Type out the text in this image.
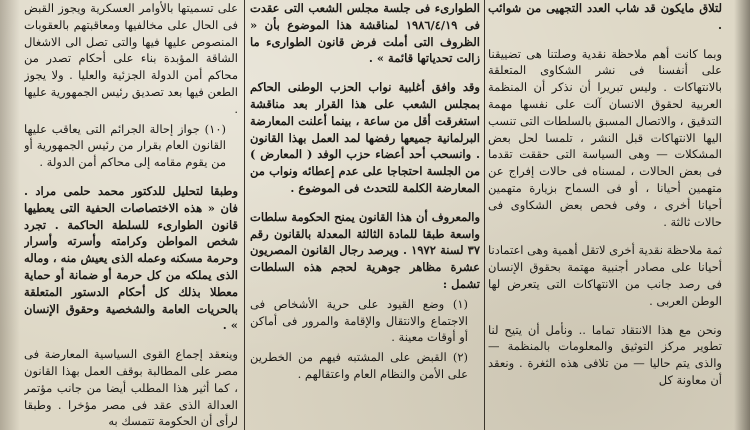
لتلاق مايكون قد شاب العدد التجهيى من شوائب .

وبما كانت أهم ملاحظة نقدية وصلتنا هى تضييقنا على أنفسنا فى نشر الشكاوى المتعلقة بالانتهاكات . وليس تبريرا أن نذكر أن المنظمة العربية لحقوق الانسان آلت على نفسها مهمة التدقيق ، والاتصال المسبق بالسلطات التى تنسب اليها الانتهاكات قبل النشر ، تلمسا لحل بعض المشكلات — وهى السياسة التى حققت تقدما فى بعض الحالات ، لمسناه فى حالات إفراج عن متهمين أحيانا ، أو فى السماح بزيارة متهمين أحيانا أخرى ، وفى فحص بعض الشكاوى فى حالات ثالثة .

ثمة ملاحظة نقدية أخرى لاتقل أهمية وهى اعتمادنا أحيانا على مصادر أجنبية مهتمة بحقوق الإنسان فى رصد جانب من الانتهاكات التى يتعرض لها الوطن العربى .

ونحن مع هذا الانتقاد تماما .. ونأمل أن يتيح لنا تطوير مركز التوثيق والمعلومات بالمنظمة — والذى يتم حاليا — من تلافى هذه الثغرة . ونعقد أن معاونة كل

الطوارىء فى جلسة مجلس الشعب التى عقدت فى ١٩٨٦/٤/١٩ لمناقشة هذا الموضوع بأن « الظروف التى أملت فرض قانون الطوارىء ما زالت تحدياتها قائمة » .

وقد وافق أغلبية نواب الحزب الوطنى الحاكم بمجلس الشعب على هذا القرار بعد مناقشة استغرقت أقل من ساعة ، بينما أعلنت المعارضة البرلمانية جميعها رفضها لمد العمل بهذا القانون . وانسحب أحد أعضاء حزب الوفد ( المعارض ) من الجلسة احتجاجا على عدم إعطائه ونواب من المعارضة الكلمة للتحدث فى الموضوع .

والمعروف أن هذا القانون يمنح الحكومة سلطات واسعة طبقا للمادة الثالثة المعدلة بالقانون رقم ٣٧ لسنة ١٩٧٢ . ويرصد رجال القانون المصريون عشرة مظاهر جوهرية لحجم هذه السلطات تشمل :

(١) وضع القيود على حرية الأشخاص فى الاجتماع والانتقال والإقامة والمرور فى أماكن أو أوقات معينة .

(٢) القبض على المشتبه فيهم من الخطرين على الأمن والنظام العام واعتقالهم .

على تسميتها بالأوامر العسكرية ويجوز القبض فى الحال على مخالفيها ومعاقبتهم بالعقوبات المنصوص عليها فيها والتى تصل الى الاشغال الشاقة المؤبدة بناء على أحكام تصدر من محاكم أمن الدولة الجزئية والعليا . ولا يجوز الطعن فيها بعد تصديق رئيس الجمهورية عليها .

(١٠) جواز إحالة الجرائم التى يعاقب عليها القانون العام بقرار من رئيس الجمهورية أو من يقوم مقامه إلى محاكم أمن الدولة .

وطبقا لتحليل للدكتور محمد حلمى مراد . فان « هذه الاختصاصات الحفية التى يعطيها قانون الطوارىء للسلطة الحاكمة . تجرد شخص المواطن وكرامته وأسرته وأسرار وحرمة مسكنه وعمله الذى يعيش منه ، وماله الذى يملكه من كل حرمة أو ضمانة أو حماية معطلا بذلك كل أحكام الدستور المتعلقة بالحريات العامة والشخصية وحقوق الإنسان » .

وينعقد إجماع القوى السياسية المعارضة فى مصر على المطالبة بوقف العمل بهذا القانون ، كما أثير هذا المطلب أيضا من جانب مؤتمر العدالة الذى عقد فى مصر مؤخرا . وطبقا لرأى أن الحكومة تتمسك به
